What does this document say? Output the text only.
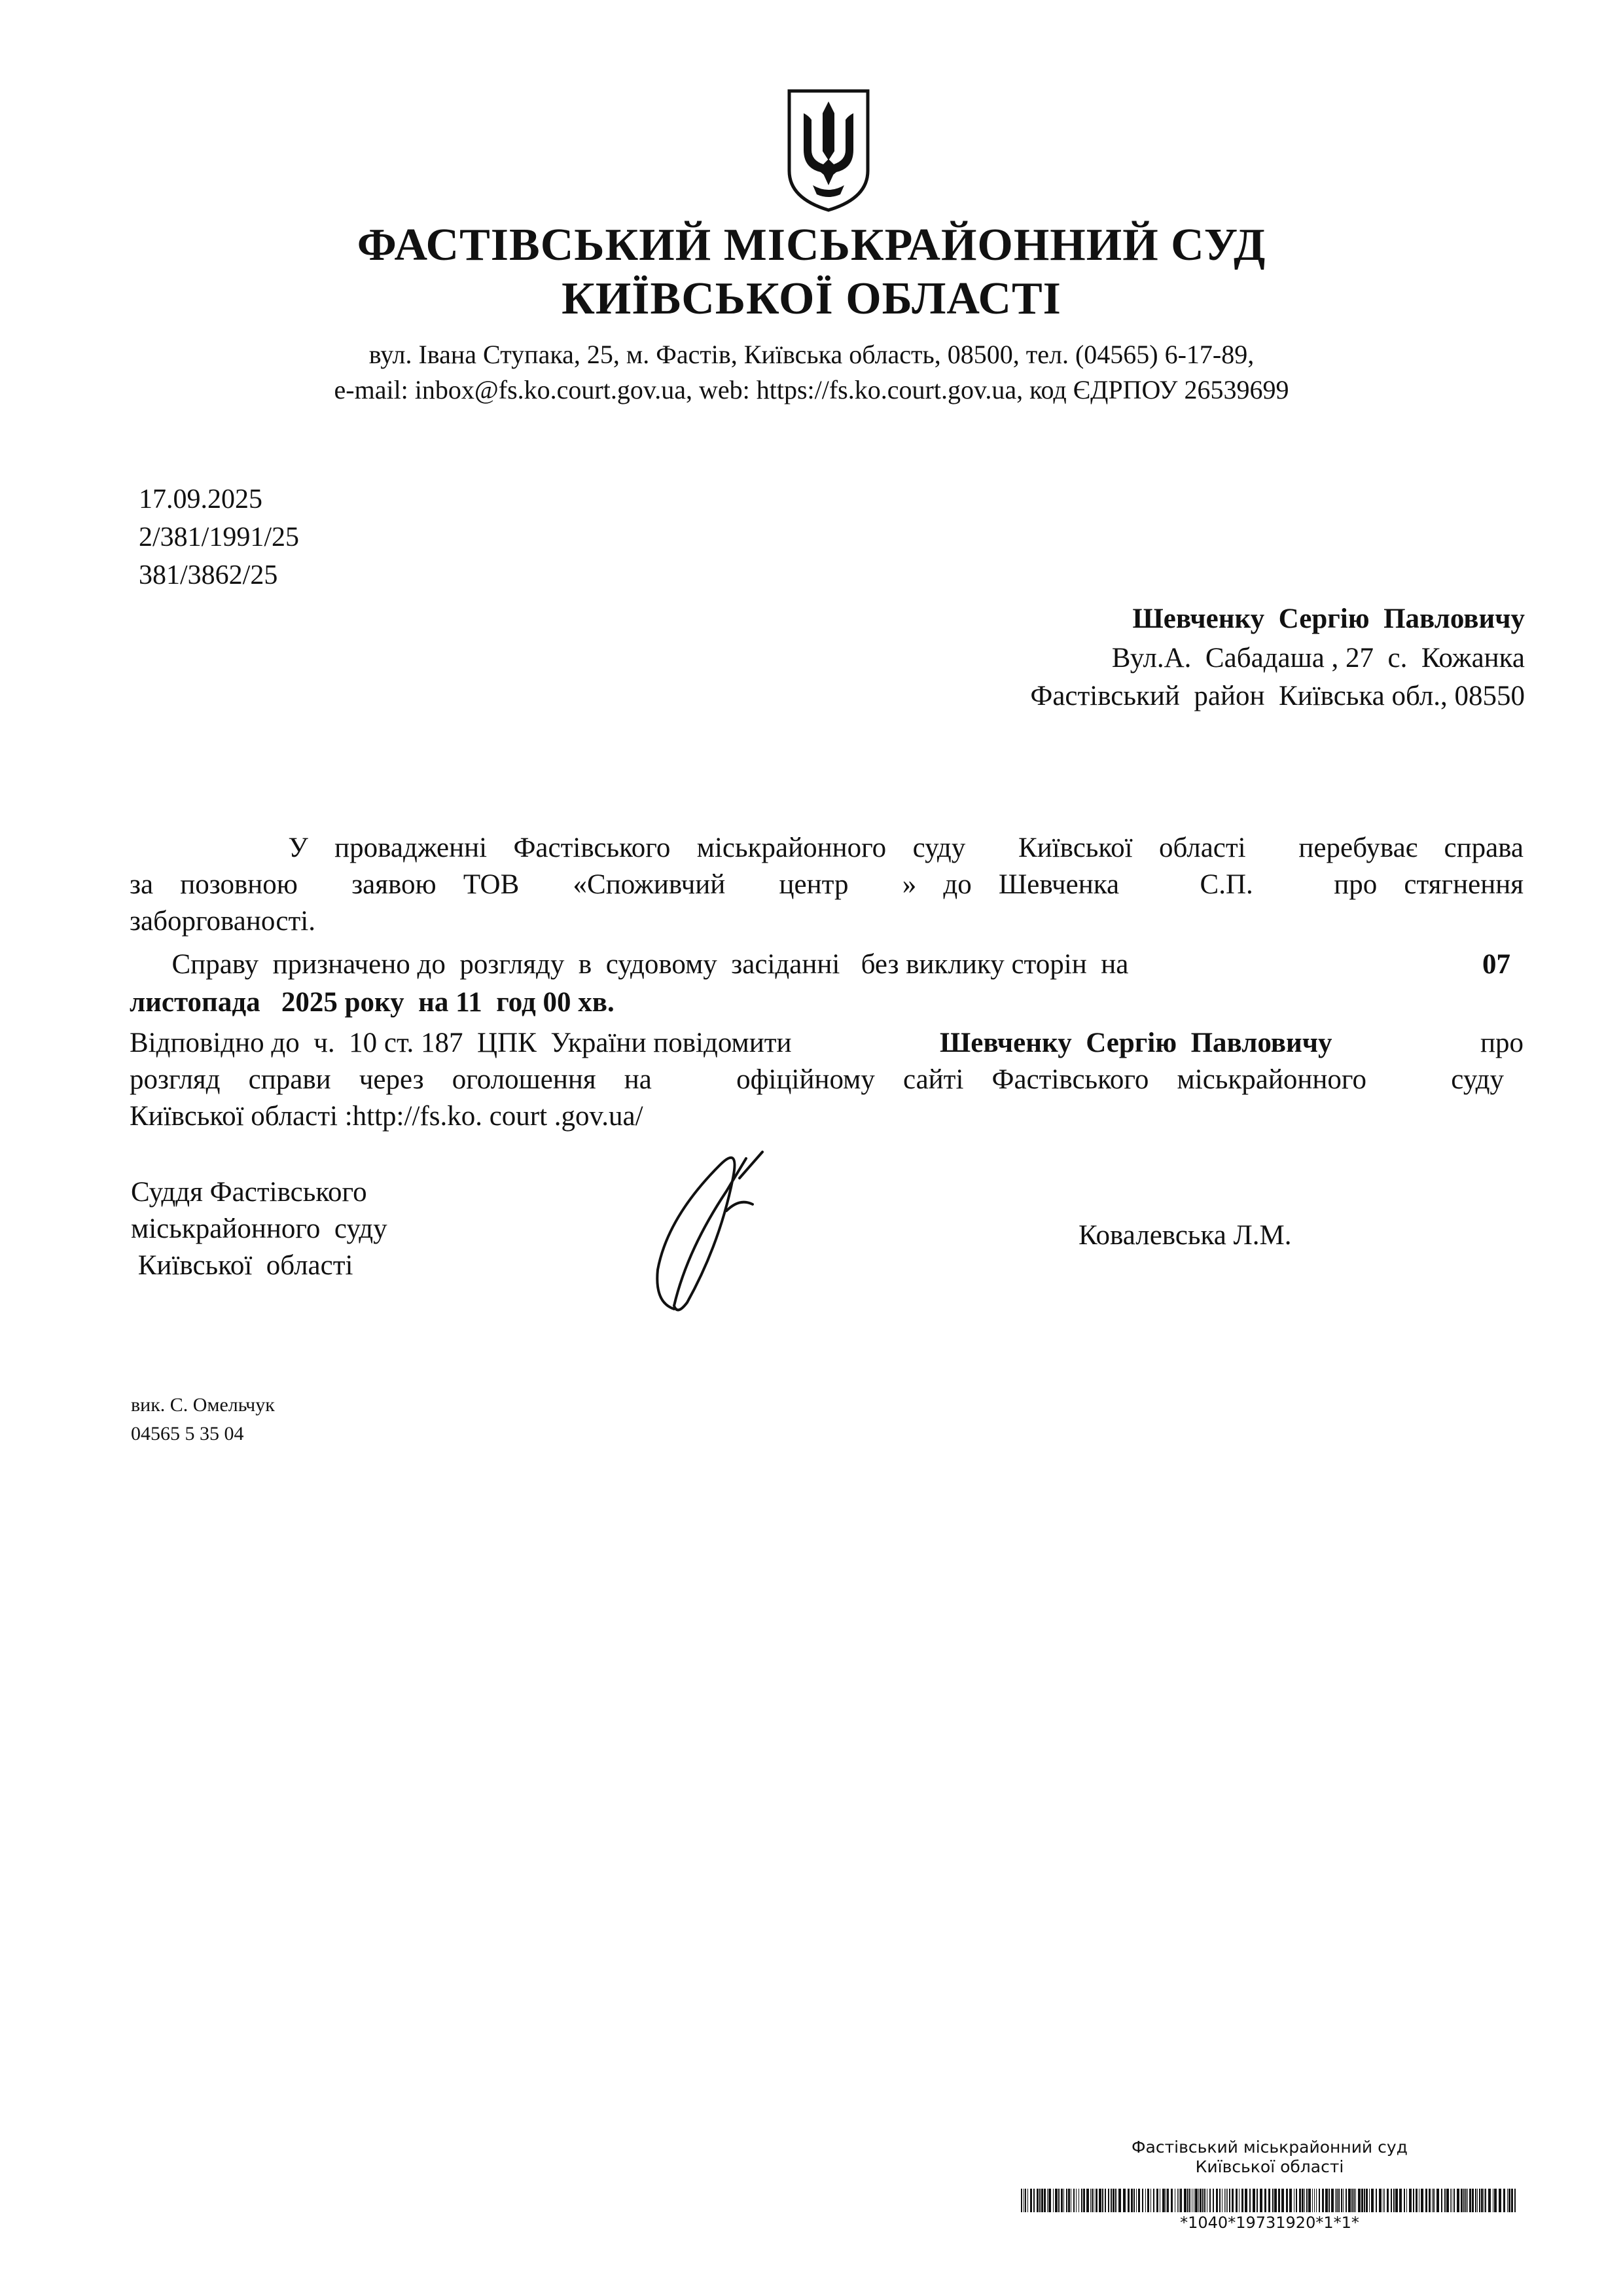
ФАСТІВСЬКИЙ МІСЬКРАЙОННИЙ СУД
КИЇВСЬКОЇ ОБЛАСТІ
вул. Івана Ступака, 25, м. Фастів, Київська область, 08500, тел. (04565) 6-17-89,
e-mail: inbox@fs.ko.court.gov.ua, web: https://fs.ko.court.gov.ua, код ЄДРПОУ 26539699
17.09.2025
2/381/1991/25
381/3862/25
Шевченку  Сергію  Павловичу
Вул.А.  Сабадаша , 27  с.  Кожанка
Фастівський  район  Київська обл., 08550
У провадженні Фастівського міськрайонного суду  Київської області  перебуває справа
за позовною  заявою ТОВ  «Споживчий  центр  » до Шевченка   С.П.   про стягнення
заборгованості.
Справу  призначено до  розгляду  в  судовому  засіданні   без виклику сторін  на	07
листопада   2025 року  на 11  год 00 хв.
Відповідно до  ч.  10 ст. 187  ЦПК  України повідомити	Шевченку  Сергію  Павловичу	про
розгляд справи через оголошення на   офіційному сайті Фастівського міськрайонного   суду
Київської області :http://fs.ko. court .gov.ua/
Суддя Фастівського
міськрайонного  суду
Київської  області
Ковалевська Л.М.
вик. С. Омельчук
04565 5 35 04
Фастівський міськрайонний суд
Київської області
*1040*19731920*1*1*
